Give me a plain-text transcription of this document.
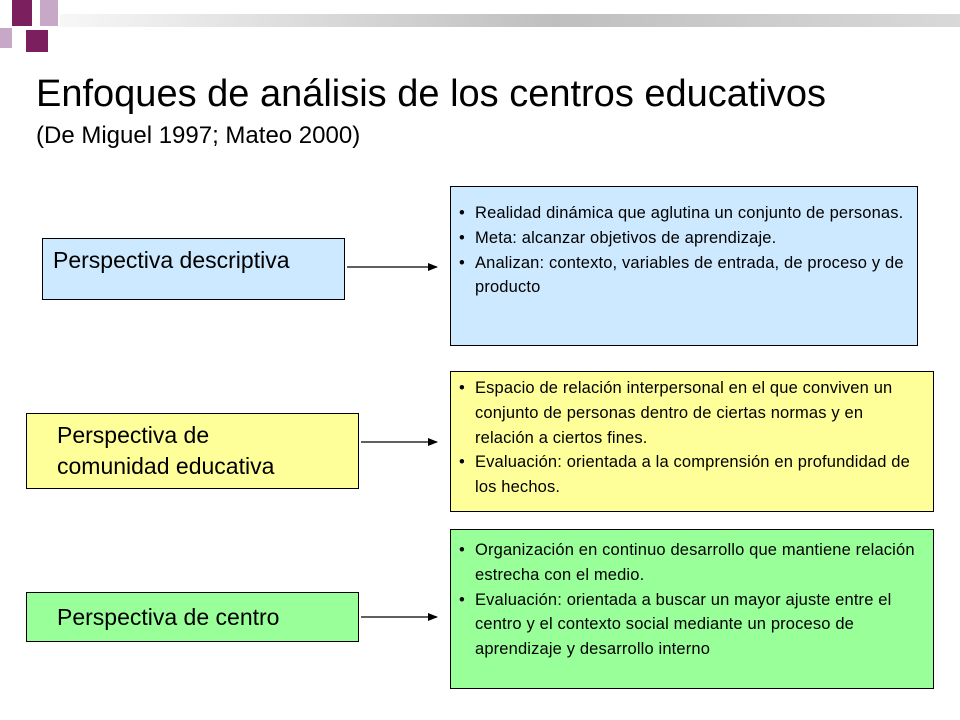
Enfoques de análisis de los centros educativos
(De Miguel 1997; Mateo 2000)
Perspectiva descriptiva
• Realidad dinámica que aglutina un conjunto de personas.
• Meta: alcanzar objetivos de aprendizaje.
• Analizan: contexto, variables de entrada, de proceso y de producto
Perspectiva de comunidad educativa
• Espacio de relación interpersonal en el que conviven un conjunto de personas dentro de ciertas normas y en relación a ciertos fines.
• Evaluación: orientada a la comprensión en profundidad de los hechos.
Perspectiva de centro
• Organización en continuo desarrollo que mantiene relación estrecha con el medio.
• Evaluación: orientada a buscar un mayor ajuste entre el centro y el contexto social mediante un proceso de aprendizaje y desarrollo interno
